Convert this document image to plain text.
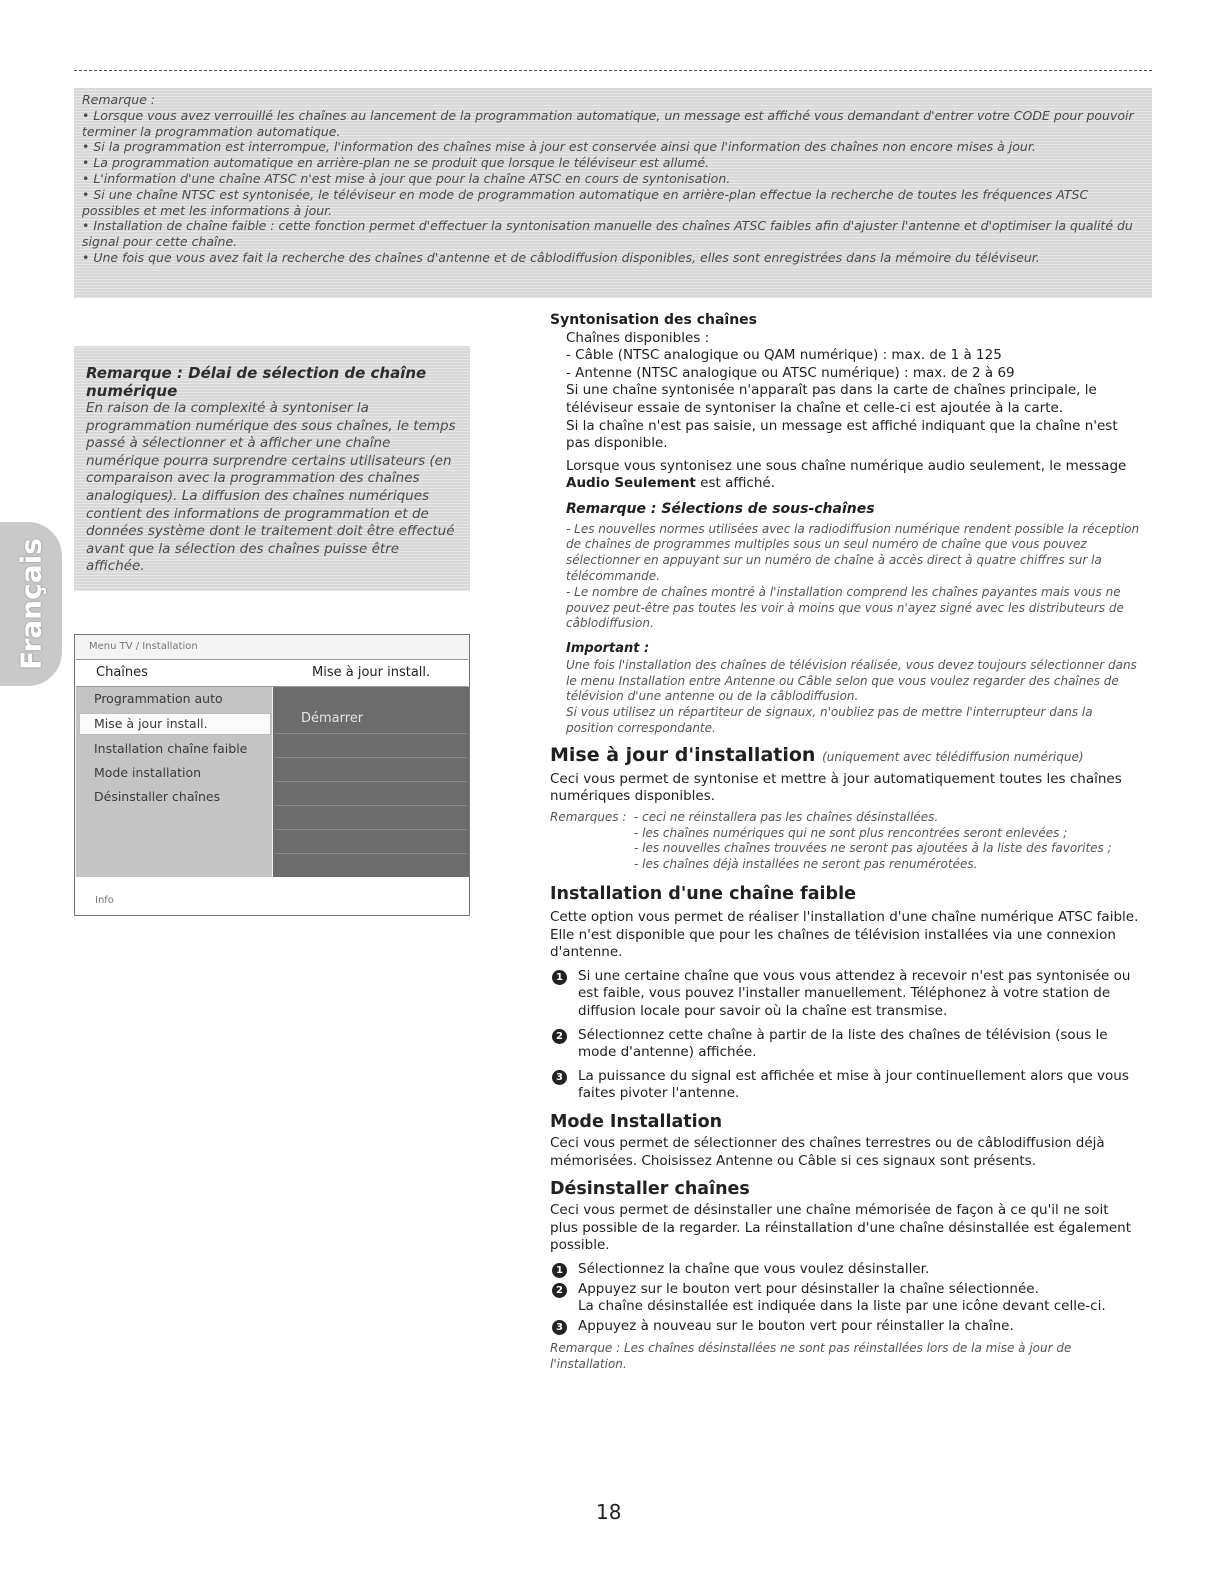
Remarque :

• Lorsque vous avez verrouillé les chaînes au lancement de la programmation automatique, un message est affiché vous demandant d'entrer votre CODE pour pouvoir terminer la programmation automatique.

• Si la programmation est interrompue, l'information des chaînes mise à jour est conservée ainsi que l'information des chaînes non encore mises à jour.

• La programmation automatique en arrière-plan ne se produit que lorsque le téléviseur est allumé.

• L'information d'une chaîne ATSC n'est mise à jour que pour la chaîne ATSC en cours de syntonisation.

• Si une chaîne NTSC est syntonisée, le téléviseur en mode de programmation automatique en arrière-plan effectue la recherche de toutes les fréquences ATSC possibles et met les informations à jour.

• Installation de chaîne faible : cette fonction permet d'effectuer la syntonisation manuelle des chaînes ATSC faibles afin d'ajuster l'antenne et d'optimiser la qualité du signal pour cette chaîne.

• Une fois que vous avez fait la recherche des chaînes d'antenne et de câblodiffusion disponibles, elles sont enregistrées dans la mémoire du téléviseur.

Remarque : Délai de sélection de chaîne numérique
En raison de la complexité à syntoniser la programmation numérique des sous chaînes, le temps passé à sélectionner et à afficher une chaîne numérique pourra surprendre certains utilisateurs (en comparaison avec la programmation des chaînes analogiques). La diffusion des chaînes numériques contient des informations de programmation et de données système dont le traitement doit être effectué avant que la sélection des chaînes puisse être affichée.
Français	Menu TV / Installation
Chaînes	Mise à jour install.
Programmation auto
Mise à jour install.
Installation chaîne faible
Mode installation
Désinstaller chaînes
Démarrer
Info

Syntonisation des chaînes

Chaînes disponibles :

- Câble (NTSC analogique ou QAM numérique) : max. de 1 à 125

- Antenne (NTSC analogique ou ATSC numérique) : max. de 2 à 69

Si une chaîne syntonisée n'apparaît pas dans la carte de chaînes principale, le téléviseur essaie de syntoniser la chaîne et celle-ci est ajoutée à la carte.

Si la chaîne n'est pas saisie, un message est affiché indiquant que la chaîne n'est pas disponible.

Lorsque vous syntonisez une sous chaîne numérique audio seulement, le message Audio Seulement est affiché.

Remarque : Sélections de sous-chaînes

- Les nouvelles normes utilisées avec la radiodiffusion numérique rendent possible la réception de chaînes de programmes multiples sous un seul numéro de chaîne que vous pouvez sélectionner en appuyant sur un numéro de chaîne à accès direct à quatre chiffres sur la télécommande.

- Le nombre de chaînes montré à l'installation comprend les chaînes payantes mais vous ne pouvez peut-être pas toutes les voir à moins que vous n'ayez signé avec les distributeurs de câblodiffusion.

Important :

Une fois l'installation des chaînes de télévision réalisée, vous devez toujours sélectionner dans le menu Installation entre Antenne ou Câble selon que vous voulez regarder des chaînes de télévision d'une antenne ou de la câblodiffusion.

Si vous utilisez un répartiteur de signaux, n'oubliez pas de mettre l'interrupteur dans la position correspondante.

Mise à jour d'installation (uniquement avec télédiffusion numérique)

Ceci vous permet de syntonise et mettre à jour automatiquement toutes les chaînes numériques disponibles.

Remarques : - ceci ne réinstallera pas les chaînes désinstallées.
- les chaînes numériques qui ne sont plus rencontrées seront enlevées ;
- les nouvelles chaînes trouvées ne seront pas ajoutées à la liste des favorites ;
- les chaînes déjà installées ne seront pas renumérotées.

Installation d'une chaîne faible

Cette option vous permet de réaliser l'installation d'une chaîne numérique ATSC faible. Elle n'est disponible que pour les chaînes de télévision installées via une connexion d'antenne.

1 Si une certaine chaîne que vous vous attendez à recevoir n'est pas syntonisée ou est faible, vous pouvez l'installer manuellement. Téléphonez à votre station de diffusion locale pour savoir où la chaîne est transmise.
2 Sélectionnez cette chaîne à partir de la liste des chaînes de télévision (sous le mode d'antenne) affichée.
3 La puissance du signal est affichée et mise à jour continuellement alors que vous faites pivoter l'antenne.

Mode Installation

Ceci vous permet de sélectionner des chaînes terrestres ou de câblodiffusion déjà mémorisées. Choisissez Antenne ou Câble si ces signaux sont présents.

Désinstaller chaînes

Ceci vous permet de désinstaller une chaîne mémorisée de façon à ce qu'il ne soit plus possible de la regarder. La réinstallation d'une chaîne désinstallée est également possible.

1 Sélectionnez la chaîne que vous voulez désinstaller.
2 Appuyez sur le bouton vert pour désinstaller la chaîne sélectionnée.
La chaîne désinstallée est indiquée dans la liste par une icône devant celle-ci.
3 Appuyez à nouveau sur le bouton vert pour réinstaller la chaîne.

Remarque : Les chaînes désinstallées ne sont pas réinstallées lors de la mise à jour de l'installation.

18
